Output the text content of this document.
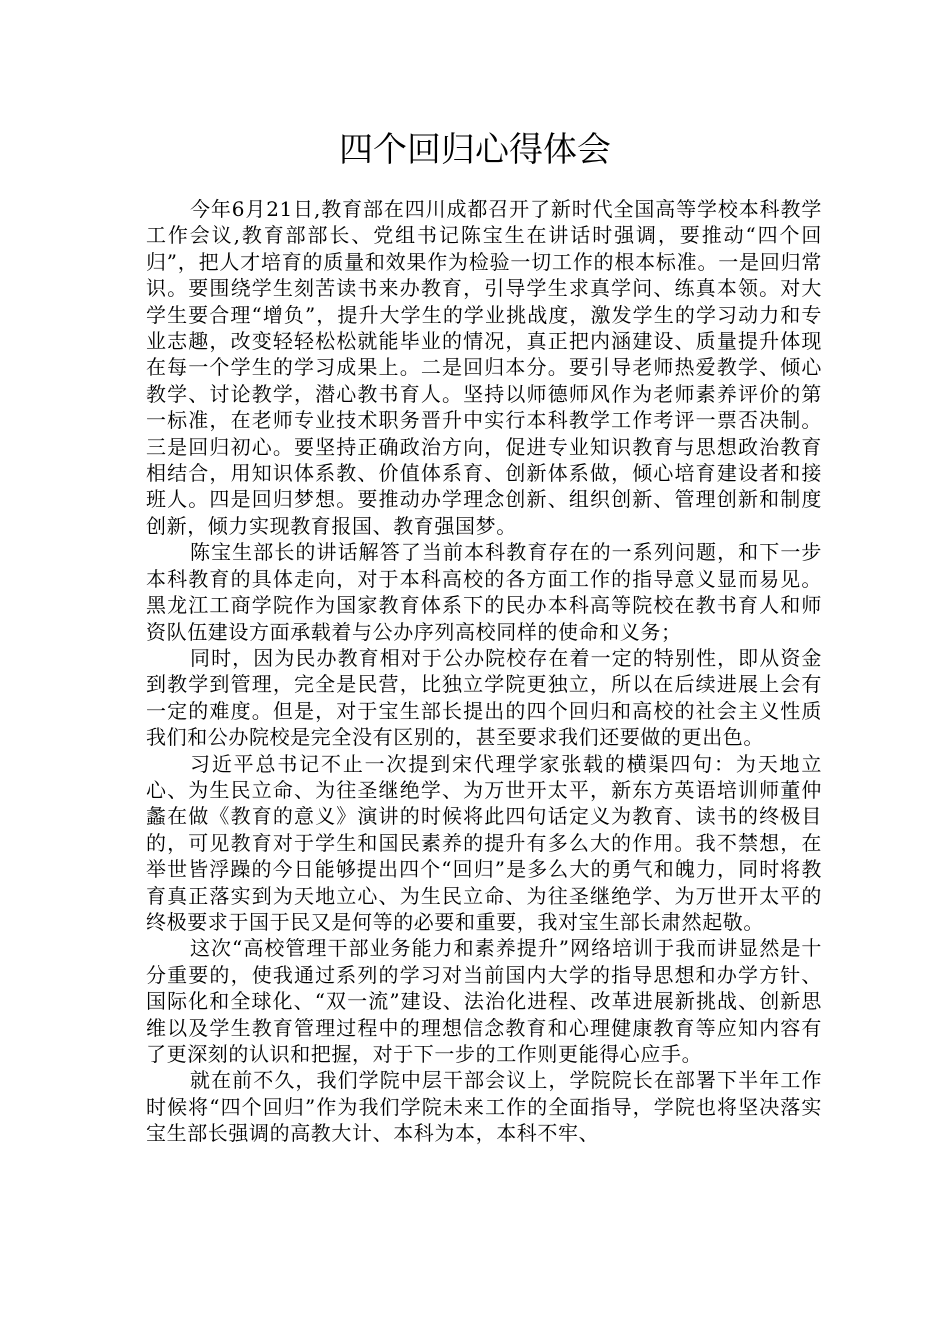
四个回归心得体会

今年6月21日,教育部在四川成都召开了新时代全国高等学校本科教学工作会议,教育部部长、党组书记陈宝生在讲话时强调，要推动“四个回归”，把人才培育的质量和效果作为检验一切工作的根本标准。一是回归常识。要围绕学生刻苦读书来办教育，引导学生求真学问、练真本领。对大学生要合理“增负”，提升大学生的学业挑战度，激发学生的学习动力和专业志趣，改变轻轻松松就能毕业的情况，真正把内涵建设、质量提升体现在每一个学生的学习成果上。二是回归本分。要引导老师热爱教学、倾心教学、讨论教学，潜心教书育人。坚持以师德师风作为老师素养评价的第一标准，在老师专业技术职务晋升中实行本科教学工作考评一票否决制。三是回归初心。要坚持正确政治方向，促进专业知识教育与思想政治教育相结合，用知识体系教、价值体系育、创新体系做，倾心培育建设者和接班人。四是回归梦想。要推动办学理念创新、组织创新、管理创新和制度创新，倾力实现教育报国、教育强国梦。

陈宝生部长的讲话解答了当前本科教育存在的一系列问题，和下一步本科教育的具体走向，对于本科高校的各方面工作的指导意义显而易见。黑龙江工商学院作为国家教育体系下的民办本科高等院校在教书育人和师资队伍建设方面承载着与公办序列高校同样的使命和义务；

同时，因为民办教育相对于公办院校存在着一定的特别性，即从资金到教学到管理，完全是民营，比独立学院更独立，所以在后续进展上会有一定的难度。但是，对于宝生部长提出的四个回归和高校的社会主义性质我们和公办院校是完全没有区别的，甚至要求我们还要做的更出色。

习近平总书记不止一次提到宋代理学家张载的横渠四句：为天地立心、为生民立命、为往圣继绝学、为万世开太平，新东方英语培训师董仲蠡在做《教育的意义》演讲的时候将此四句话定义为教育、读书的终极目的，可见教育对于学生和国民素养的提升有多么大的作用。我不禁想，在举世皆浮躁的今日能够提出四个“回归”是多么大的勇气和魄力，同时将教育真正落实到为天地立心、为生民立命、为往圣继绝学、为万世开太平的终极要求于国于民又是何等的必要和重要，我对宝生部长肃然起敬。

这次“高校管理干部业务能力和素养提升”网络培训于我而讲显然是十分重要的，使我通过系列的学习对当前国内大学的指导思想和办学方针、国际化和全球化、“双一流”建设、法治化进程、改革进展新挑战、创新思维以及学生教育管理过程中的理想信念教育和心理健康教育等应知内容有了更深刻的认识和把握，对于下一步的工作则更能得心应手。

就在前不久，我们学院中层干部会议上，学院院长在部署下半年工作时候将“四个回归”作为我们学院未来工作的全面指导，学院也将坚决落实宝生部长强调的高教大计、本科为本，本科不牢、
